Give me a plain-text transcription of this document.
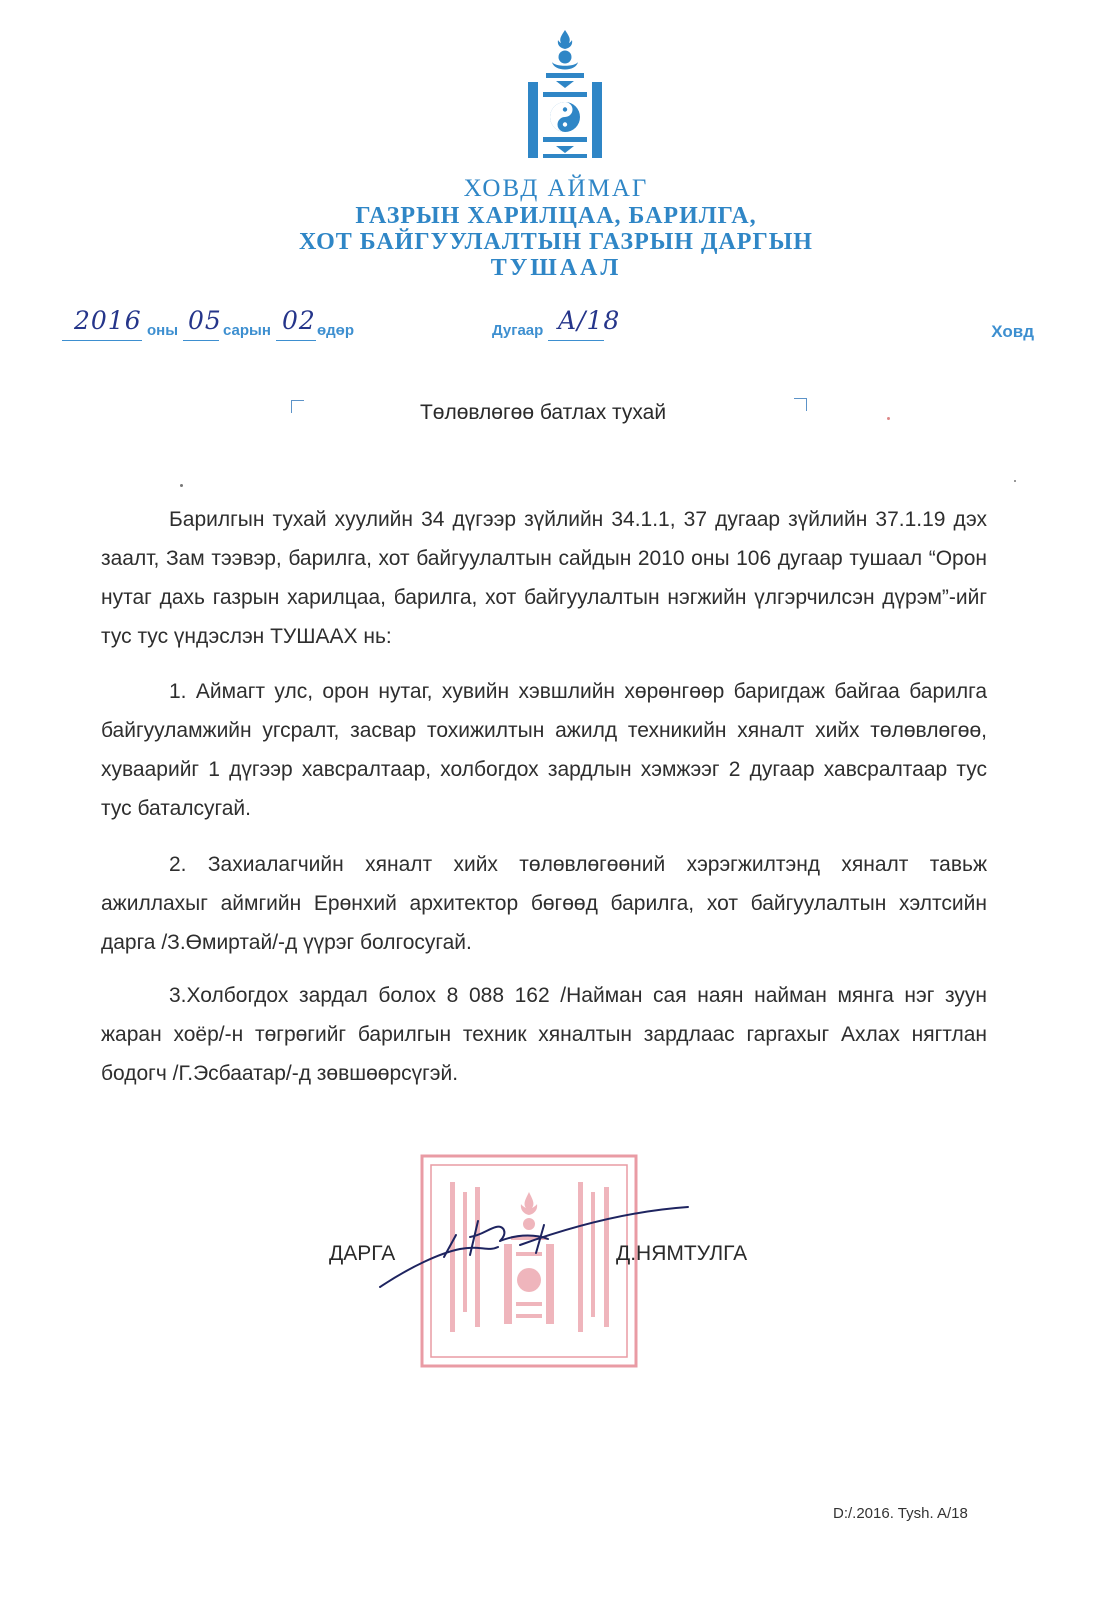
ХОВД АЙМАГ
ГАЗРЫН ХАРИЛЦАА, БАРИЛГА,
ХОТ БАЙГУУЛАЛТЫН ГАЗРЫН ДАРГЫН
ТУШААЛ
2016 оны 05 сарын 02 өдөр	Дугаар A/18	Ховд
Төлөвлөгөө батлах тухай

Барилгын тухай хуулийн 34 дүгээр зүйлийн 34.1.1, 37 дугаар зүйлийн 37.1.19 дэх заалт, Зам тээвэр, барилга, хот байгуулалтын сайдын 2010 оны 106 дугаар тушаал “Орон нутаг дахь газрын харилцаа, барилга, хот байгуулалтын нэгжийн үлгэрчилсэн дүрэм”-ийг тус тус үндэслэн ТУШААХ нь:

1. Аймагт улс, орон нутаг, хувийн хэвшлийн хөрөнгөөр баригдаж байгаа барилга байгууламжийн угсралт, засвар тохижилтын ажилд техникийн хяналт хийх төлөвлөгөө, хуваарийг 1 дүгээр хавсралтаар, холбогдох зардлын хэмжээг 2 дугаар хавсралтаар тус тус баталсугай.

2. Захиалагчийн хяналт хийх төлөвлөгөөний хэрэгжилтэнд хяналт тавьж ажиллахыг аймгийн Ерөнхий архитектор бөгөөд барилга, хот байгуулалтын хэлтсийн дарга /З.Өмиртай/-д үүрэг болгосугай.

3.Холбогдох зардал болох 8 088 162 /Найман сая наян найман мянга нэг зуун жаран хоёр/-н төгрөгийг барилгын техник хяналтын зардлаас гаргахыг Ахлах нягтлан бодогч /Г.Эсбаатар/-д зөвшөөрсүгэй.

ДАРГА	Д.НЯМТУЛГА
D:/.2016. Tysh. A/18
